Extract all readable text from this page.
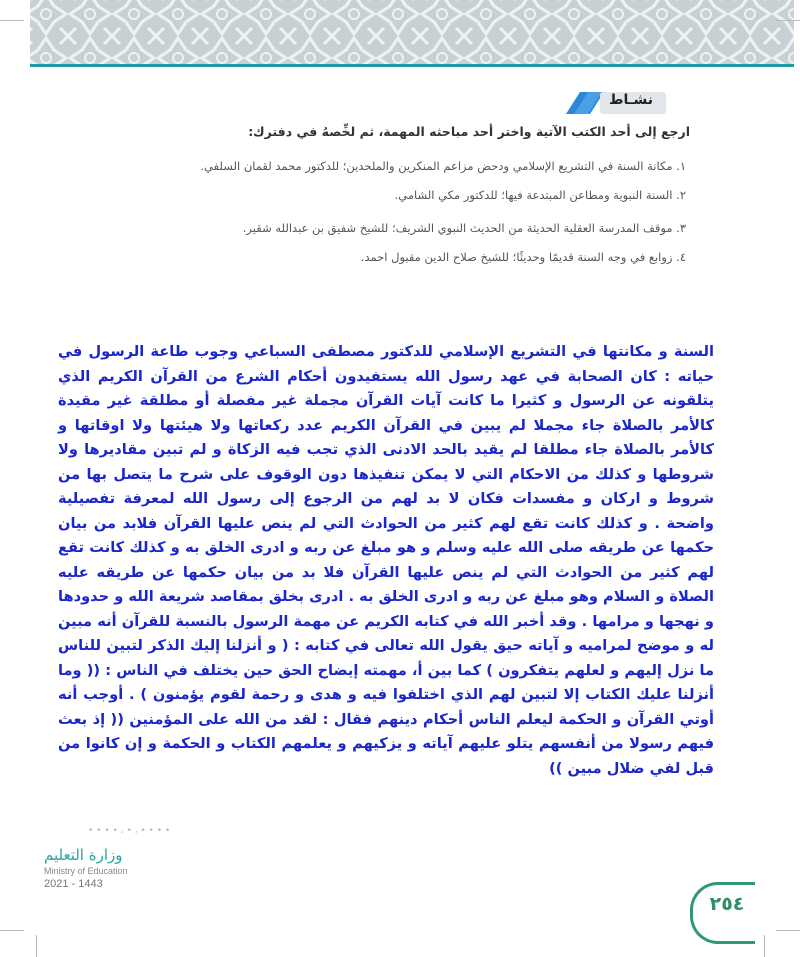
نشـاط
ارجع إلى أحد الكتب الآتية واختر أحد مباحثه المهمة، ثم لخِّصهُ في دفترك:
١. مكانة السنة في التشريع الإسلامي ودحض مزاعم المنكرين والملحدين؛ للدكتور محمد لقمان السلفي.
٢. السنة النبوية ومطاعن المبتدعة فيها؛ للدكتور مكي الشامي.
٣. موقف المدرسة العقلية الحديثة من الحديث النبوي الشريف؛ للشيخ شفيق بن عبدالله شقير.
٤. زوابع في وجه السنة قديمًا وحديثًا؛ للشيخ صلاح الدين مقبول احمد.

السنة و مكانتها في التشريع الإسلامي للدكتور مصطفى السباعي وجوب طاعة الرسول في حياته : كان الصحابة في عهد رسول الله يستفيدون أحكام الشرع من القرآن الكريم الذي يتلقونه عن الرسول و كثيرا ما كانت آيات القرآن مجملة غير مفصلة أو مطلقة غير مقيدة كالأمر بالصلاة جاء مجملا لم يبين في القرآن الكريم عدد ركعاتها ولا هيئتها ولا اوقاتها و كالأمر بالصلاة جاء مطلقا لم يقيد بالحد الادنى الذي تجب فيه الزكاة و لم تبين مقاديرها ولا شروطها و كذلك من الاحكام التي لا يمكن تنفيذها دون الوقوف على شرح ما يتصل بها من شروط و اركان و مفسدات فكان لا بد لهم من الرجوع إلى رسول الله لمعرفة تفصيلية واضحة . و كذلك كانت تقع لهم كثير من الحوادث التي لم ينص عليها القرآن فلابد من بيان حكمها عن طريقه صلى الله عليه وسلم و هو مبلغ عن ربه و ادرى الخلق به و كذلك كانت تقع لهم كثير من الحوادث التي لم ينص عليها القرآن فلا بد من بيان حكمها عن طريقه عليه الصلاة و السلام وهو مبلغ عن ربه و ادرى الخلق به . ادرى بخلق بمقاصد شريعة الله و حدودها و نهجها و مرامها . وقد أخبر الله في كتابه الكريم عن مهمة الرسول بالنسبة للقرآن أنه مبين له و موضح لمراميه و آياته حيق يقول الله تعالى في كتابه : ( و أنزلنا إليك الذكر لتبين للناس ما نزل إليهم و لعلهم يتفكرون ) كما بين أ، مهمته إيضاح الحق حين يختلف في الناس : (( وما أنزلنا عليك الكتاب إلا لتبين لهم الذي اختلفوا فيه و هدى و رحمة لقوم يؤمنون ) . أوجب أنه أوتي القرآن و الحكمة ليعلم الناس أحكام دينهم فقال : لقد من الله على المؤمنين (( إذ بعث فيهم رسولا من أنفسهم يتلو عليهم آياته و يزكيهم و يعلمهم الكتاب و الحكمة و إن كانوا من قبل لفي ضلال مبين ))

• • • • ، • ، • • • •
وزارة التعليم
Ministry of Education
2021 - 1443
٢٥٤
